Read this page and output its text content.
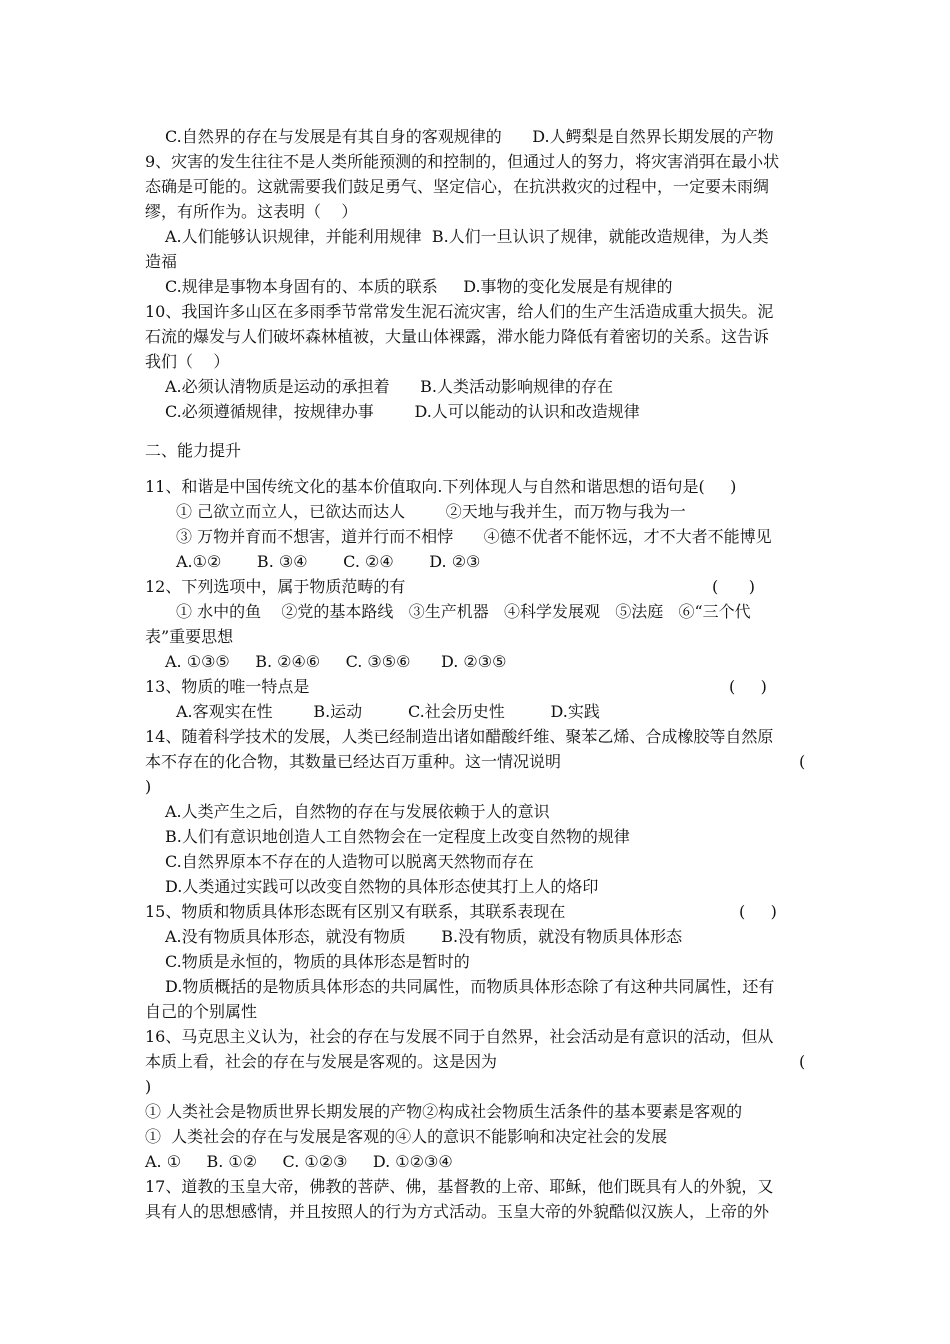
C.自然界的存在与发展是有其自身的客观规律的      D.人鳄梨是自然界长期发展的产物
9、灾害的发生往往不是人类所能预测的和控制的，但通过人的努力，将灾害消弭在最小状
态确是可能的。这就需要我们鼓足勇气、坚定信心，在抗洪救灾的过程中，一定要未雨绸
缪，有所作为。这表明（    ）
A.人们能够认识规律，并能利用规律  B.人们一旦认识了规律，就能改造规律，为人类
造福
C.规律是事物本身固有的、本质的联系     D.事物的变化发展是有规律的
10、我国许多山区在多雨季节常常发生泥石流灾害，给人们的生产生活造成重大损失。泥
石流的爆发与人们破坏森林植被，大量山体裸露，滞水能力降低有着密切的关系。这告诉
我们（    ）
A.必须认清物质是运动的承担着      B.人类活动影响规律的存在
C.必须遵循规律，按规律办事        D.人可以能动的认识和改造规律
二、能力提升
11、和谐是中国传统文化的基本价值取向.下列体现人与自然和谐思想的语句是(     )
① 己欲立而立人，已欲达而达人        ②天地与我并生，而万物与我为一
③ 万物并育而不想害，道并行而不相悖      ④德不优者不能怀远，才不大者不能博见
A.①②       B. ③④       C. ②④       D. ②③
12、下列选项中，属于物质范畴的有	(      )
① 水中的鱼    ②党的基本路线   ③生产机器   ④科学发展观   ⑤法庭   ⑥“三个代
表”重要思想
A. ①③⑤     B. ②④⑥     C. ③⑤⑥      D. ②③⑤
13、物质的唯一特点是	(     )
A.客观实在性        B.运动         C.社会历史性         D.实践
14、随着科学技术的发展，人类已经制造出诸如醋酸纤维、聚苯乙烯、合成橡胶等自然原
本不存在的化合物，其数量已经达百万重种。这一情况说明	(
)
A.人类产生之后，自然物的存在与发展依赖于人的意识
B.人们有意识地创造人工自然物会在一定程度上改变自然物的规律
C.自然界原本不存在的人造物可以脱离天然物而存在
D.人类通过实践可以改变自然物的具体形态使其打上人的烙印
15、物质和物质具体形态既有区别又有联系，其联系表现在	(     )
A.没有物质具体形态，就没有物质       B.没有物质，就没有物质具体形态
C.物质是永恒的，物质的具体形态是暂时的
D.物质概括的是物质具体形态的共同属性，而物质具体形态除了有这种共同属性，还有
自己的个别属性
16、马克思主义认为，社会的存在与发展不同于自然界，社会活动是有意识的活动，但从
本质上看，社会的存在与发展是客观的。这是因为	(
)
① 人类社会是物质世界长期发展的产物②构成社会物质生活条件的基本要素是客观的
①  人类社会的存在与发展是客观的④人的意识不能影响和决定社会的发展
A. ①     B. ①②     C. ①②③     D. ①②③④
17、道教的玉皇大帝，佛教的菩萨、佛，基督教的上帝、耶稣，他们既具有人的外貌，又
具有人的思想感情，并且按照人的行为方式活动。玉皇大帝的外貌酷似汉族人，上帝的外
